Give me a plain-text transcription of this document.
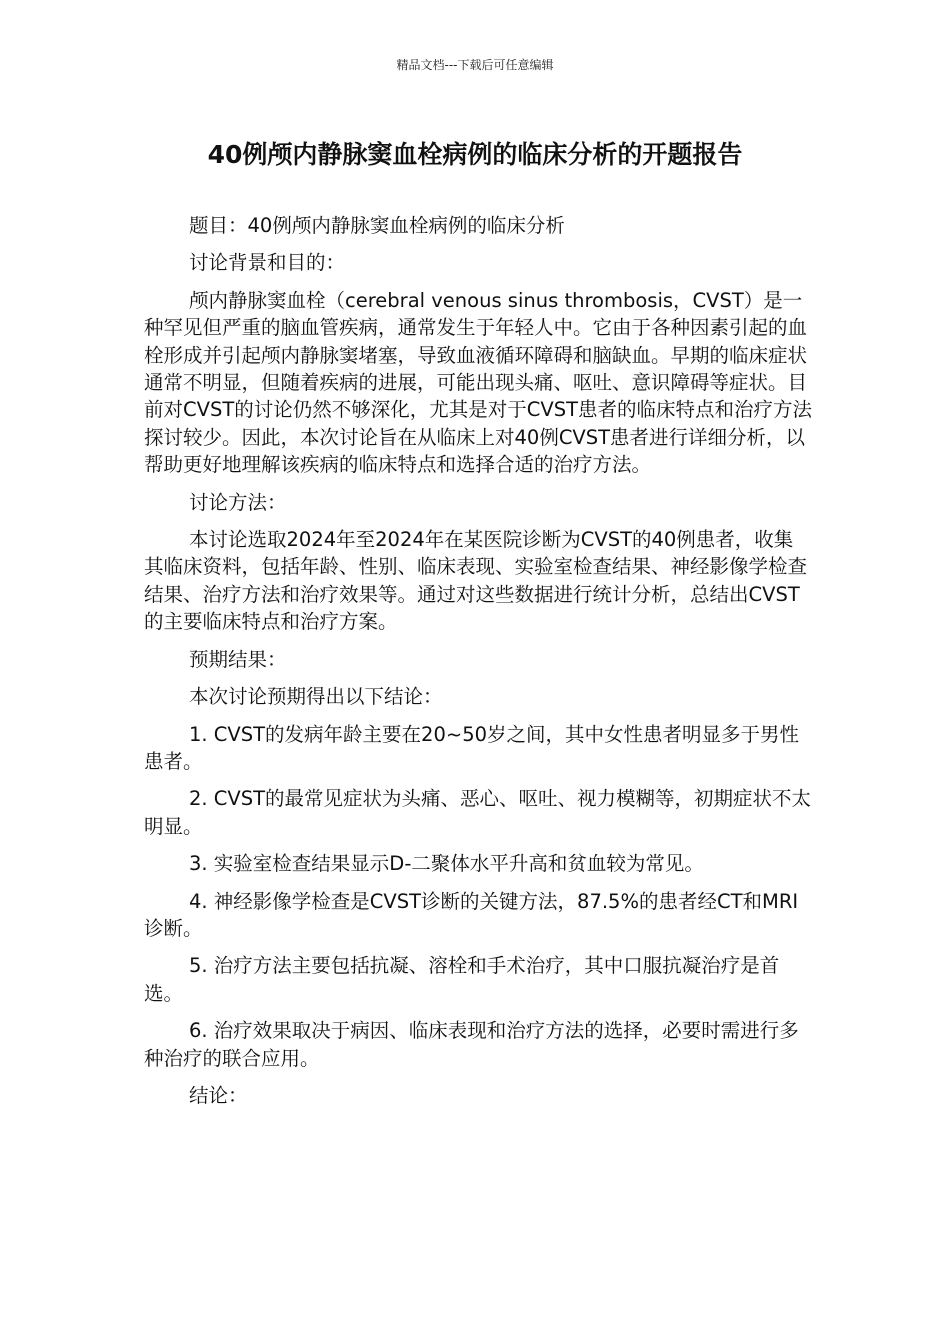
精品文档---下载后可任意编辑
40例颅内静脉窦血栓病例的临床分析的开题报告

题目：40例颅内静脉窦血栓病例的临床分析

讨论背景和目的：

颅内静脉窦血栓（cerebral venous sinus thrombosis，CVST）是一种罕见但严重的脑血管疾病，通常发生于年轻人中。它由于各种因素引起的血栓形成并引起颅内静脉窦堵塞，导致血液循环障碍和脑缺血。早期的临床症状通常不明显，但随着疾病的进展，可能出现头痛、呕吐、意识障碍等症状。目前对CVST的讨论仍然不够深化，尤其是对于CVST患者的临床特点和治疗方法探讨较少。因此，本次讨论旨在从临床上对40例CVST患者进行详细分析，以帮助更好地理解该疾病的临床特点和选择合适的治疗方法。

讨论方法：

本讨论选取2024年至2024年在某医院诊断为CVST的40例患者，收集其临床资料，包括年龄、性别、临床表现、实验室检查结果、神经影像学检查结果、治疗方法和治疗效果等。通过对这些数据进行统计分析，总结出CVST的主要临床特点和治疗方案。

预期结果：

本次讨论预期得出以下结论：

1. CVST的发病年龄主要在20~50岁之间，其中女性患者明显多于男性患者。

2. CVST的最常见症状为头痛、恶心、呕吐、视力模糊等，初期症状不太明显。

3. 实验室检查结果显示D-二聚体水平升高和贫血较为常见。

4. 神经影像学检查是CVST诊断的关键方法，87.5%的患者经CT和MRI诊断。

5. 治疗方法主要包括抗凝、溶栓和手术治疗，其中口服抗凝治疗是首选。

6. 治疗效果取决于病因、临床表现和治疗方法的选择，必要时需进行多种治疗的联合应用。

结论：
